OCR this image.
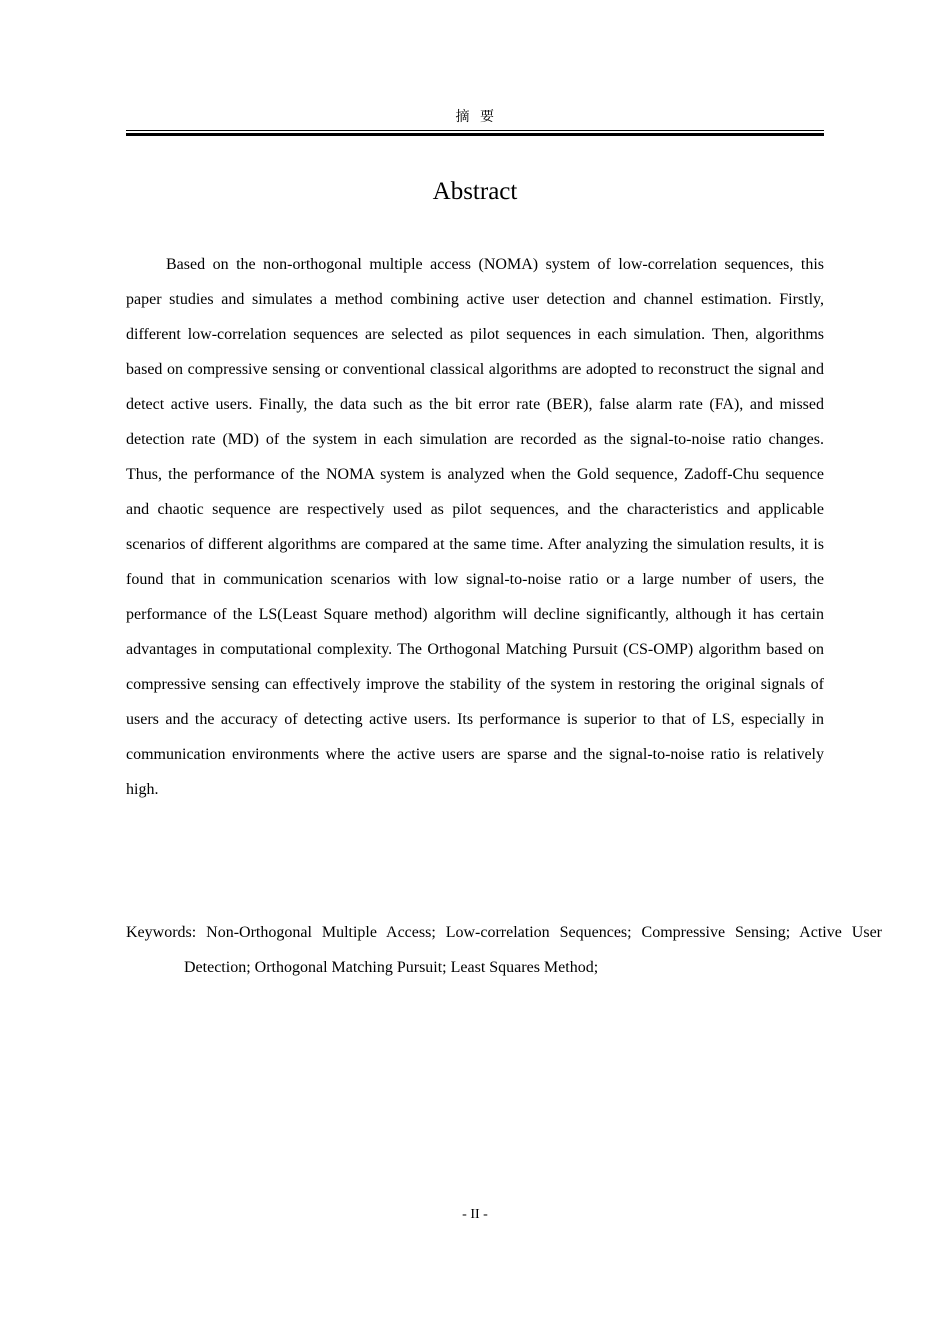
摘  要
Abstract

Based on the non-orthogonal multiple access (NOMA) system of low-correlation sequences, this paper studies and simulates a method combining active user detection and channel estimation. Firstly, different low-correlation sequences are selected as pilot sequences in each simulation. Then, algorithms based on compressive sensing or conventional classical algorithms are adopted to reconstruct the signal and detect active users. Finally, the data such as the bit error rate (BER), false alarm rate (FA), and missed detection rate (MD) of the system in each simulation are recorded as the signal-to-noise ratio changes. Thus, the performance of the NOMA system is analyzed when the Gold sequence, Zadoff-Chu sequence and chaotic sequence are respectively used as pilot sequences, and the characteristics and applicable scenarios of different algorithms are compared at the same time. After analyzing the simulation results, it is found that in communication scenarios with low signal-to-noise ratio or a large number of users, the performance of the LS(Least Square method) algorithm will decline significantly, although it has certain advantages in computational complexity. The Orthogonal Matching Pursuit (CS-OMP) algorithm based on compressive sensing can effectively improve the stability of the system in restoring the original signals of users and the accuracy of detecting active users. Its performance is superior to that of LS, especially in communication environments where the active users are sparse and the signal-to-noise ratio is relatively high.

Keywords: Non-Orthogonal Multiple Access; Low-correlation Sequences; Compressive Sensing; Active User Detection; Orthogonal Matching Pursuit; Least Squares Method;

- II -
